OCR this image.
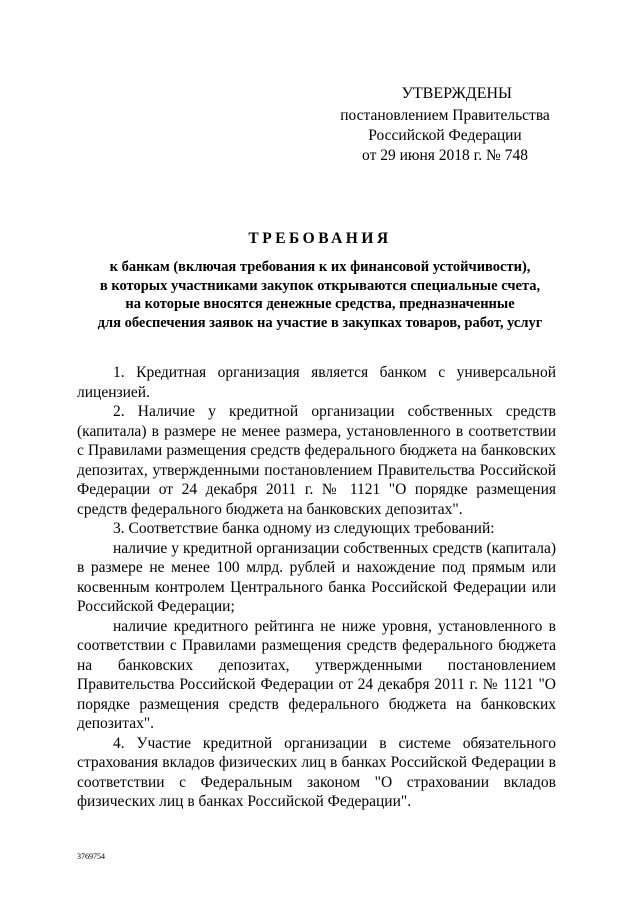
УТВЕРЖДЕНЫ
постановлением Правительства
Российской Федерации
от 29 июня 2018 г. № 748
ТРЕБОВАНИЯ
к банкам (включая требования к их финансовой устойчивости),
в которых участниками закупок открываются специальные счета,
на которые вносятся денежные средства, предназначенные
для обеспечения заявок на участие в закупках товаров, работ, услуг

1. Кредитная организация является банком с универсальной лицензией.

2. Наличие у кредитной организации собственных средств (капитала) в размере не менее размера, установленного в соответствии с Правилами размещения средств федерального бюджета на банковских депозитах, утвержденными постановлением Правительства Российской Федерации от 24 декабря 2011 г. № 1121 "О порядке размещения средств федерального бюджета на банковских депозитах".

3. Соответствие банка одному из следующих требований:

наличие у кредитной организации собственных средств (капитала) в размере не менее 100 млрд. рублей и нахождение под прямым или косвенным контролем Центрального банка Российской Федерации или Российской Федерации;

наличие кредитного рейтинга не ниже уровня, установленного в соответствии с Правилами размещения средств федерального бюджета на банковских депозитах, утвержденными постановлением Правительства Российской Федерации от 24 декабря 2011 г. № 1121 "О порядке размещения средств федерального бюджета на банковских депозитах".

4. Участие кредитной организации в системе обязательного страхования вкладов физических лиц в банках Российской Федерации в соответствии с Федеральным законом "О страховании вкладов физических лиц в банках Российской Федерации".

3769754
